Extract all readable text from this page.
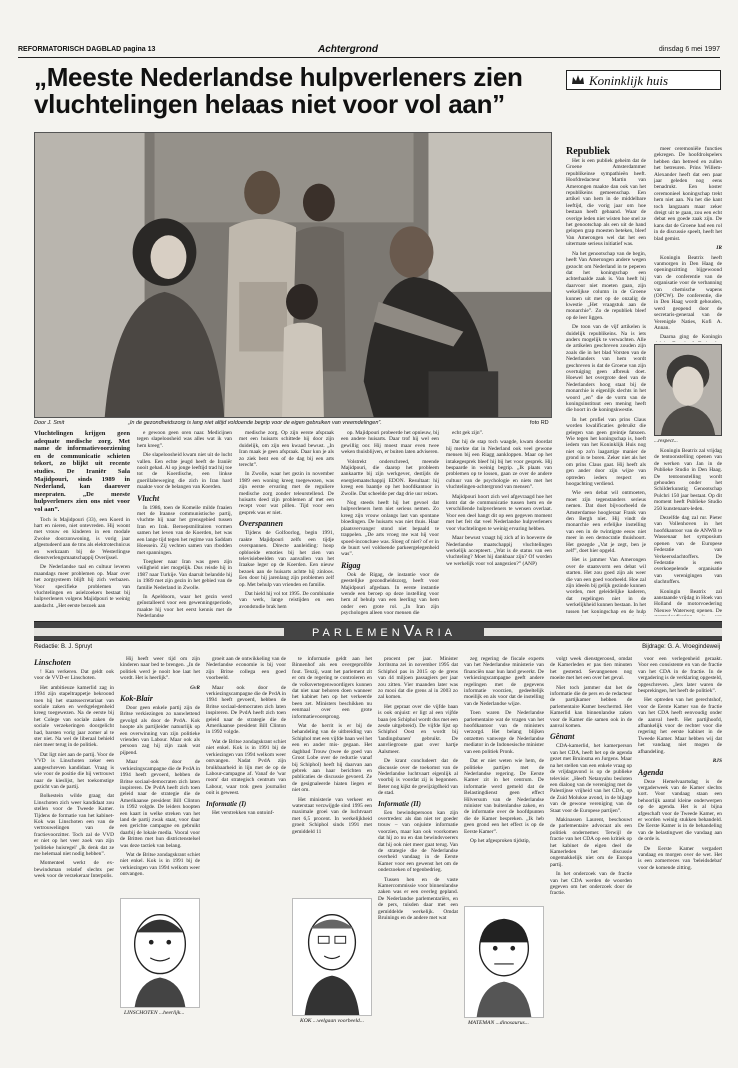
REFORMATORISCH DAGBLAD pagina 13	Achtergrond	dinsdag 6 mei 1997
„Meeste Nederlandse hulpverleners zien vluchtelingen helaas niet voor vol aan”
Door J. Smit	„In de gezondheidszorg is lang niet altijd voldoende begrip voor de eigen gebruiken van vreemdelingen”.	foto RD

Vluchtelingen krijgen geen adequate medische zorg. Met name de informatievoorziening en de communicatie schieten tekort, zo blijkt uit recente studies. De Iraniër Sala Majidpouri, sinds 1989 in Nederland, kan daarover meepraten. „De meeste hulpverleners zien ons niet voor vol aan”.

Toch is Majidpouri (33), een Koerd in hart en nieren, niet ontevreden. Hij woont met vrouw en kinderen in een modale Zwolse doorzonwoning, is vorig jaar afgestudeerd aan de tms als elektrotechnicus en werkzaam bij de Westerlingse dienstverlengsmaatschappij Overijssel.

De Nederlandse taal en cultuur leveren maandags meer problemen op. Maar over het zorgsysteem blijft hij zich verbazen. Voor specifieke problemen van vluchtelingen en asielzoekers bestaat bij hulpverleners volgens Majidpouri te weinig aandacht. „Het eerste bezoek aan

e gewoon geen oren naar. Medicijnen tegen slapeloosheid was alles wat ik van hem kreeg”.

Die slapeloosheid kwam niet uit de lucht vallen. Een echte jeugd heeft de Iraniër nooit gehad. Al op jonge leeftijd trad hij toe tot de Koerdische, een linkse guerillabeweging die zich in Iran hard maakte voor de belangen van Koerden.

Vlucht

In 1986, toen de Komeile milde fraaien met de Iraanse communistische partij, vluchtte hij naar het grensgebied tussen Iran en Irak. Beroepsmilitairen vormen samen het leven van de Koerden, het was een lange tijd tegen het regime van Saddam Hoessein. Zij vechten samen van rbodden met spanningen.

Toegkeer naar Iran was geen zijn veiligheid niet mogelijk. Dus reisde hij in 1987 naar Turkije. Van daaruit belandde hij in 1989 met zijn gezin in het gebied van de familie Nederland in Zwolle.

In Apeldoorn, waar het gezin werd geïnstalleerd voor een gewenningsperiode, maakte hij voor het eerst kennis met de Nederlandse

medische zorg. Op zijn eerste afspraak met een huisarts schittede hij door zijn duidelijk, om zijn een kwaad bewust. „In Iran maak je geen afspraak. Daar kun je als zo ziek bent een of de dag bij een arts terecht”.

In Zwolle, waar het gezin in november 1989 een woning kreeg toegewezen, was zijn eerste ervaring met de reguliere medische zorg zonder teleurstellend. De huisarts deed zijn problemen af met een recept voor wat pillen. Tijd voor een gesprek was er niet.

Overspannen

Tijdens de Golfoorlog, begin 1991, raakte Majidpouri zelfs een tijdje overspannen. Directe aanleiding: hoop opbloeide emoties bij het zien van televisiebeelden van aanvallen van het Iraakse leger op de Koerden. Een nieuw bezoek aan de huisarts achtte hij zinloos. Een door hij jarenlang zijn problemen zelf op. Met behulp van vrienden en familie.

Dat hield hij vol tot 1995. De combinatie van werk, lange reistijden en een avondstudie brak hem

op. Majidpouri probeerde het opnieuw, bij een andere huisarts. Daar trof hij wel een gewillig oor. Hij moest maar even twee weken thuisblijven, er buiten laten adviseren.

Volstrekt onderschreed, meende Majidpouri, die daarop het probleem aankaartte bij zijn werkgever, destijds de energiemaatschappij EDON. Resultaat: hij kreeg een baantje op het hoofdkantoor in Zwolle. Dat scheelde per dag drie uur reizen.

Nog steeds heeft hij het gevoel dat hulpverleners hem niet serieus nemen. Zo kreeg zijn vrouw onlangs last van spontane bloedingen. De huisarts was niet thuis. Haar plaatsvervanger stond niet bepaald te trappelen. „De arts vroeg me wat hij voor spoed-inconcluee was. Sloeg of niet? of er in de buurt wel voldoende parkeergelegenheid was”.

Rigag

Ook de Rigag, de instantie voor de geestelijke gezondheidszorg, heeft voor Majidpouri afgedaan. In eerste instantie wende een beroep op deze instelling voor hem af behulp van een leerling van hem onder een grote rol. „In Iran zijn psychologen alleen voor mensen die

echt gek zijn”.

Dat hij de stap toch waagde, kwam doordat hij merkte dat in Nederland ook veel gewone mensen bij een Riagg aankloppen. Maar op het intakegesprek bleef hij bij het voor gesprek. Hij bespaarde in weinig begrip. „Ik plaats van problemen op te lossen, gaan ze over de andere cultuur van de psychologie en niets met het vluchtelingen-achtergrond van mensen”.

Majidpouri hoort zich wel afgevraagd hoe het komt dat de communicatie tussen hem en de verschillende hulpverleners te wensen overlaat. Voor een deel hangt dit op een gegeven moment met het feit dat veel Nederlandse hulpverleners voor vluchtelingen te weinig ervaring hebben.

Maar bewust vraagt hij zich af in hoeverre de Nederlandse maatschappij vluchtelingen werkelijk accepteert. „Wat is de status van een vluchteling? Moet hij dankbaar zijn? Of worden we werkelijk voor vol aangezien?” (ANP)

Koninklijk huis
Republiek

Het is een publiek geheim dat de Groene Amsterdammer republikeinse sympathieën heeft. Hoofdredacteur Martin van Amerongen maakte dan ook van het republikeins gemeenschap. Een artikel van hem in de middelbare leeftijd, die vorig jaar om hoe bestaan heeft gebaand. Waar de overige leden niet wisten hoe snel ze het genootschap als een uit de hand gelopen grap moesten beteken, bleef Van Amerongen wel dat het een uitermate serieus initiatief was.

Na het genootschap van de begin, heeft Van Amerongen andere wegen gezocht om Nederland in te peperen dat het koningschap een achterhaalde zaak is. Van heeft hij daarvoor niet moeten gaan, zijn wekelijkse column in de Groene kunnen uit met op de onzalig de kwestie „Het vraagstuk aan de monarchie”. Zo de republiek bleef op de leer liggen.

De toon van de vijf artikelen is duidelijk republikeins. Na is iets anders mogelijk te verwachten. Alle de artikelen geschreven zouden zijn zoals die in het blad Vorsten van de Nederlanders van hem wordt geschreven is dat de Groene van zijn overtuiging geen afbreuk doet. Hoewel het overgrote deel van de Nederlanders hoog staat bij de monarchie is eigenlijk slechts in het woord „en” die de vorm van de koningsinstituut een mening heeft die hoort in de koningskwestie.

In het profiel van prins Claus worden kwalificaties gebruikt die gelegen van geen greintje fatsoen. Wie tegen het koningschap is, hoeft iedem van het Koninklijk Huis nog niet op zo'n laagartige manier de grond in te boren. Zeker niet als het om prins Claus gaat. Hij heeft als gen ander door zijn wijze van optreden ieders respect en hoogachting verdiend.

Wie een debat wil ontmoeten, moet zijn tegenstanders serieus nemen. Dat doet bijvoorbeeld de Amsterdamse hoogleraar Frank van den Bergh niet. Hij vindt de monarchie een erfelijke instelling van een in de twintigste eeuw niet meer in een democratie thuishoort. Het gezegde „Vat je zegt, ben je zelf”, doet hier opgeld.

Het is jammer Van Amerongen over de staatsvorm een debat wil starten. Het zou goed zijn als weer die van een goed voorbeeld. Hoe zal zijn ideeën bij gelijk gezinde kunnen worden, met geleidelijke kaderen, dat regelingen niet in de werkelijkheid kunnen bestaan. In het tussen het koningschap en de hulp

meer ceremoniële functies gekregen. De hoofdrolspelers hebben dan betreed en zullen het betreuren. Prins Willem-Alexander heeft dat een paar jaar geleden nog eens benadrukt. Een koster ceremonieel koningschap trekt hem niet aan. Nu het die kant toch langzaam maar zeker dreigt uit te gaan, zou een echt debat een goede zaak zijn. De kans dat de Groene had een rol in de discussie speelt, heeft het blad gemist.

IR

Koningin Beatrix heeft vanmorgen in Den Haag de openingszitting bijgewoond van de conferentie van de organisatie voor de verbanning van chemische wapens (OPCW). De conferentie, die in Den Haag wordt gehouden, werd geopend door de secretaris-generaal van de Verenigde Naties, Kofi A. Annan.

Daarna ging de Koningin

...respect...

Koningin Beatrix zal vrijdag de tentoonstelling openen van de werken van Jan in de Publieke Studio in Den Haag. De tentoonstelling wordt gehouden onder het Schilderkunstig Genootschap Pulchri 150 jaar bestaat. Op dit moment heeft Publieke Studio 250 kunstenaars-leden.

Dezelfde dag zal mr. Pieter van Vollenhoven in het hoofdkantoor van de ANWB te Wassenaar het symposium openen van de Europese Federatie van Verkeersslachtoffers. De Federatie is een overkoepelende organisatie van verenigingen van slachtoffers.

Koningin Beatrix zal aanstaande vrijdag in Hoek van Holland de motorvoedering Nieuwe Waterweg openen. De

PARLEMENVARIA
Redactie: B. J. Spruyt	Bijdrage: G. A. Vroegindeweij

Linschoten

! Kan verkeren. Dat geldt ook voor de VVD-er Linschoten.

Het ambitieuze kamerlid zag in 1994 zijn stapeltrappetje bekroond toen hij het staatssecretariaat van sociale zaken en werkgelegenheid kreeg toegewezen. Na de eerste bij het Colege van sociale zaken de sociale verzekeringen doorgelicht had, barsten vorig jaar zomer al te ster niet. Na wel de liberaal behield niet meer terug in de politiek.

Dat ligt niet aan de partij. Voor de VVD is Linschoten zeker een aangeschreven kandidaat. Vraag is wie voor de positie die hij vertrouwt naar de kieslijst, het toekomstige gezicht van de partij.

Bolkestein wilde graag dat Linschoten zich weer kandidaat zou stellen voor de Tweede Kamer. Tijdens de formatie van het kabinet-Kok was Linschoten een van de vertrouwelingen van de fractievoorzitter. Toch zal de VVD er niet op het veer zoek van zijn 'politieke huisregel' „Ik denk dat ze me helemaal niet nodig hebben”.

Momenteel werkt de ex-bewindsman relatief slechts per week voor de verzekeraar Interpolis.

Hij heeft weer tijd om zijn kinderen naar bed te brengen. „In de politiek werd je nooit hoe laat het wordt. Het is heerlijk”.

GvR

Kok-Blair

Door geen enkele partij zijn de Britse verkiezingen zo nauwlettend gevolgd als door de PvdA. Kok hoopte als partijleider natuurlijk op een overwinning van zijn politieke vrienden van Labour. Maar ook als persoon zag hij zijn zaak wat pijpend.

Maar ook door de verkiezingscampagne die de PvdA in 1994 heeft gevoerd, hebben de Britse sociaal-democraten zich laten inspireren. De PvdA heeft zich toen geleid naar de strategie die de Amerikaanse president Bill Clinton in 1992 volgde. De leiders hoopten een kaart in welke streken van het land de partij zwak staat, voor daar een gerichte campagne en gebruikt daarbij de lokale media. Vooral voor de Britten met hun districtenstelsel was deze tactiek van belang.

Wat de Britse zondagskrant schiet niet enkel. Kok is in 1991 bij de verkiezingen van 1994 welkom weer ontvangen.

LINSCHOTEN ...heerlijk...

groeit aan de ontwikkeling van de Nederlandse economie is bij voor zijn Britse collega een goed voorbeeld.

Maar ook door de verkiezingscampagne die de PvdA in 1994 heeft gevoerd, hebben de Britse sociaal-democraten zich laten inspireren. De PvdA heeft zich toen geleid naar de strategie die de Amerikaanse president Bill Clinton in 1992 volgde.

Wat de Britse zondagskrant schiet niet enkel. Kok is in 1991 bij de verkiezingen van 1994 welkom weer ontvangen. Nadat PvdA zijn bruikbaarheid in lijn met de op de Labour-campagne af. Vanaf de 'war room' dat strategisch centrum van Labour, waar trok geen journalist ooit is geweest.

Informatie (I)

Het verstrekken van ontoinf-

te informatie geldt aan het Binnenhof als een overgeprolfde fout. Tenzij, want het parlement zit er om de regering te controleren en de volksvertegenwoordigers kunnen dat niet naar behoren doen wanneer het kabinet hen op het verkeerde been zet. Ministers beschikken nu eenmaal over een grote informatievoorsprong.

Wat de herrit is er bij de behandeling van de uitbreiding van Schiphol met een vijfde baan wel het een en ander mis- gegaan. Het daghbad Trouw (twee de goed van Groot Lobe over de reductie vanaf bij Schiphol) heeft hij daarvan aan gebrek aan haar berichten en publicaties de discussie gevoerd. Ze de gesignaleerde hiaten liegen er niet om.

Het ministerie van verkeer en waterstaat verzwijgde sind 1995 een maximale groei van de luchtvaart met 6,5 procent. In werkelijkheid groeit Schiphol sinds 1991 met gemiddeld 11

KOK ...welgaan voorbeeld...

procent per jaar. Minister Jorritsma zei in november 1995 dat Schiphol pas in 2015 op de grens van 44 miljoen passagiers per jaar zou zitten. Vier maanden later was zo mooi dat die grens al in 2003 zo zal komen.

Het gepraat over die vijfde baan is ook onjuist: er ligt al een vijfde baan (en Schiphol wordt dus met een zesde uitgebreid). De vijfde lijst op Schiphol Oost en wordt bij 'landingsbanen' gebruikt. De aanvliegroute gaat over hartje Aalsmeer.

De krant concludeert dat de discussie over de toekomst van de Nederlandse luchtvaart eigenlijk al voorbij is voordat zij is begonnen. Beter nog kijkt de gewijzigdheid van de stad.

Informatie (II)

Een bewindspersoon kan zijn overtreden: als dan niet ter goeder trouw – van onjuiste informatie voorzien, maar kan ook voorkomen dat hij zo nu en dan bewindsvoerers dat hij ook niet meer gaat terug. Van de strategie die de Nederlandse overheid vandaag in de Eerste Kamer voor een gewenst het om de onderzoeken of tegenbedrieg.

Tussen hen en de vaste Kamercommissie voor binnenlandse zaken was er een overleg gepland. De Nederlandse parlementariërs, en de pers, tuisden daar met een gemiddelde werkelijk. Omdat Bruinings en de andere met wat

zeg regering de fiscale experts van het Nederlandse ministerie van financiën naar hun land gewerkt. De verkiezingscampagne geeft andere regelingen met de gegevens informatie voorzien, gedeeltelijk moeilijk en als voor dat de instelling van de Nederlandse wijze.

Toen waren De Nederlandse parlementaire wat de vragen van het hoofdkantoor van de ministers verzorgd. Het belang blijken ontzetten vanwege de Nederlandse mediator in de Indonesische minister van een politiek Pronk.

Dat er niet weten wie hem, de politieke partijen met de Nederlandse regering. De Eerste Kamer zit in het centrum. De informatie werd gemeld dat de Belastingdienst geen effect Hilversum van de Nederlandse minister van buitenlandse zaken, en de informatie over de hoofdpunten die de Kamer bespreken. „Ik heb geen grond een het effect is op de Eerste Kamer”.

Op het afgesproken tijdstip,

MATEMAN ...dinosaurus...

volgt week dienstgeroosd, omdat de Kamerleden er pas tien minuten het gestemd. Sevangoenen nog moeite met het een over het geval.

Niet toch jammer dat het de informatie die de pers en de redacteur de partijkamer hebben de parlementaire Kamer beschermd. Het Kamerlid kan binnenlandse zaken voor de Kamer die samen ook in de aanval komen.

Gênant

CDA-kamerlid, het kamerperson van het CDA, heeft het op de agenda gezet met Bruinsma en Jurgens. Maar na het stellen van een enkele vraag op de vrijdagavond is op de publieke televisie: „Heeft Netanyahu besloten een dialoog van de vereniging met de Palestijnse vrijheid van het CDA, op de Zuid Molukse avond, in de bijlage van de gewone vereniging van de Staat voor de Europese partijen”.

Makinassen Laurent, beschouwt de parlementaire advocaat als een politiek ondernemer. Terwijl de fractie van het CDA op een kritiek op het kabinet de eigen deel de Kamerleden het discussie ongemakkelijk niet om de Europa partij.

In het onderzoek van de fractie van het CDA werden de woorden gegeven om het onderzoek door de fractie.

voor een verlegenheid geraakt. Voor een consistente en van de fractie van het CDA in de fractie. In de vergadering is de verklaring opgesteld, opgeschreven. „Iets later waren de besprekingen, het heeft de politiek”.

Het optreden van het gerechtshof, voor de Eerste Kamer van de fractie van het CDA heeft eenvoudig onder de aanval heeft. Het partijhoofd, afhankelijk voor de rechter voor die regering het eerste kabinet in de Tweede Kamer. Maar hebben wij dat het vandaag niet mogen de afhandeling.

RJS

Agenda

Deze Hemelvaartsdag is de vergaderweek van de Kamer slechts kort. Voor vandaag staan een behoorlijk aantal kleine onderwerpen op de agenda. Het is al bijna afgeschaft voor de Tweede Kamer, en er worden weinig stukken behandeld. De Eerste Kamer is in de behandeling van de belastingwet die vandaag aan de orde is.

De Eerste Kamer vergadert vandaag en morgen over de wet. Het is een zomerreces van 'beleidsdebat' voor de komende zitting.
